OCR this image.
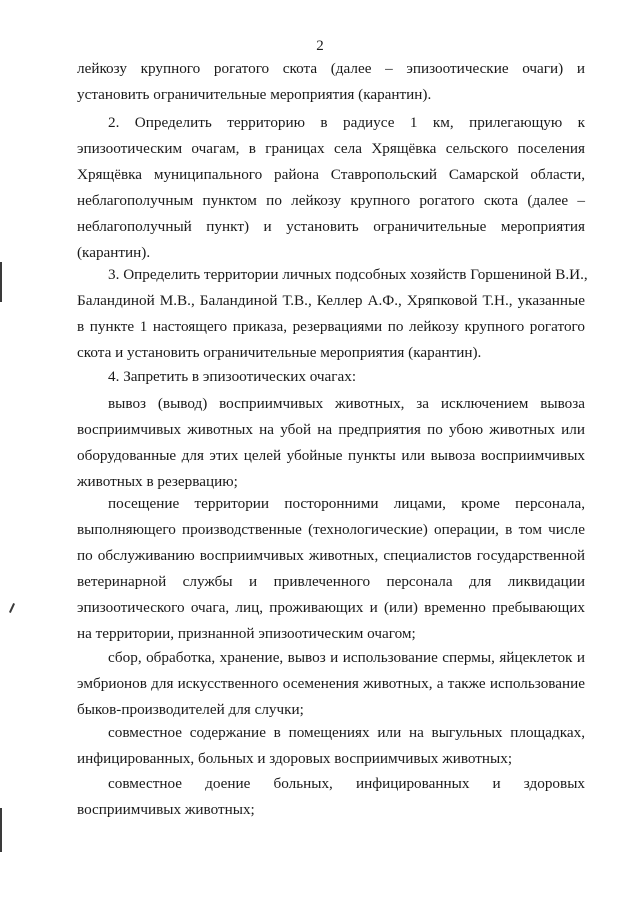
2
лейкозу крупного рогатого скота (далее – эпизоотические очаги) и
установить ограничительные мероприятия (карантин).
2. Определить территорию в радиусе 1 км, прилегающую к
эпизоотическим очагам, в границах села Хрящёвка сельского поселения
Хрящёвка муниципального района Ставропольский Самарской области,
неблагополучным пунктом по лейкозу крупного рогатого скота (далее –
неблагополучный пункт) и установить ограничительные мероприятия
(карантин).
3. Определить территории личных подсобных хозяйств Горшениной В.И.,
Баландиной М.В., Баландиной Т.В., Келлер А.Ф., Хряпковой Т.Н., указанные
в пункте 1 настоящего приказа, резервациями по лейкозу крупного рогатого
скота и установить ограничительные мероприятия (карантин).
4. Запретить в эпизоотических очагах:
вывоз (вывод) восприимчивых животных, за исключением вывоза
восприимчивых животных на убой на предприятия по убою животных или
оборудованные для этих целей убойные пункты или вывоза восприимчивых
животных в резервацию;
посещение территории посторонними лицами, кроме персонала,
выполняющего производственные (технологические) операции, в том числе
по обслуживанию восприимчивых животных, специалистов государственной
ветеринарной службы и привлеченного персонала для ликвидации
эпизоотического очага, лиц, проживающих и (или) временно пребывающих
на территории, признанной эпизоотическим очагом;
сбор, обработка, хранение, вывоз и использование спермы, яйцеклеток и
эмбрионов для искусственного осеменения животных, а также использование
быков-производителей для случки;
совместное содержание в помещениях или на выгульных площадках,
инфицированных, больных и здоровых восприимчивых животных;
совместное доение больных, инфицированных и здоровых
восприимчивых животных;
